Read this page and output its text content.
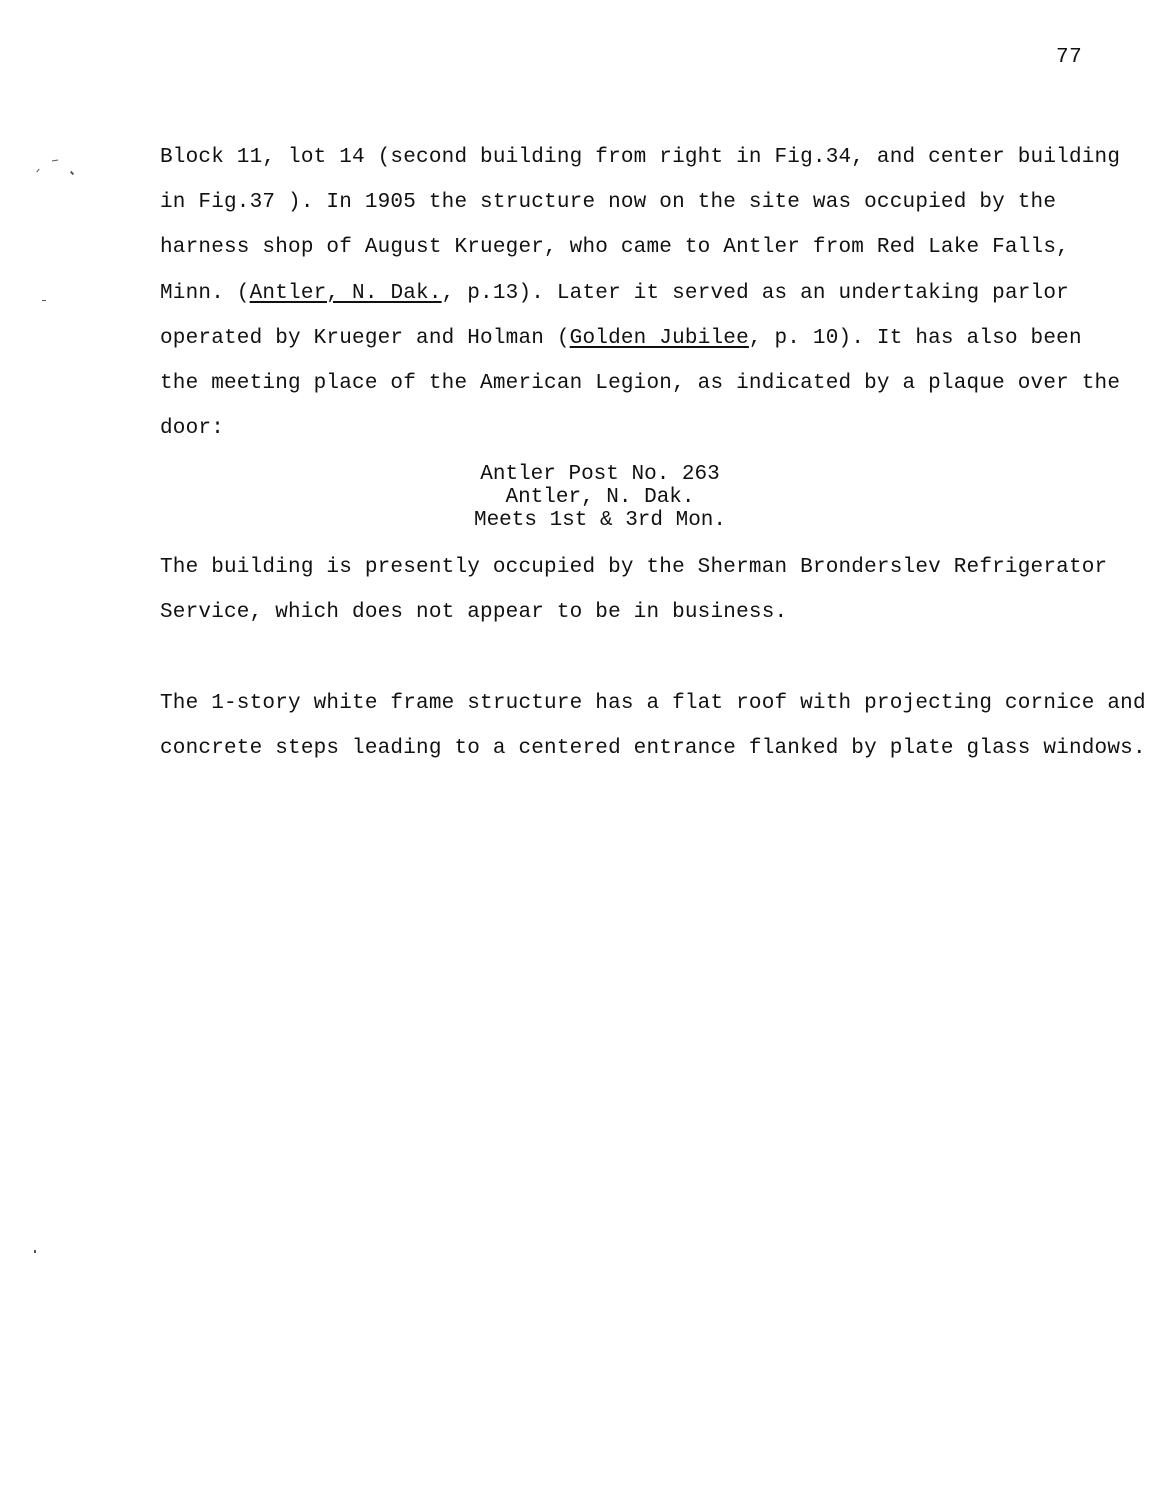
77
Block 11, lot 14 (second building from right in Fig.34, and center building
in Fig.37 ). In 1905 the structure now on the site was occupied by the
harness shop of August Krueger, who came to Antler from Red Lake Falls,
Minn. (Antler, N. Dak., p.13). Later it served as an undertaking parlor
operated by Krueger and Holman (Golden Jubilee, p. 10). It has also been
the meeting place of the American Legion, as indicated by a plaque over the
door:
Antler Post No. 263
Antler, N. Dak.
Meets 1st & 3rd Mon.
The building is presently occupied by the Sherman Bronderslev Refrigerator
Service, which does not appear to be in business.
The 1-story white frame structure has a flat roof with projecting cornice and
concrete steps leading to a centered entrance flanked by plate glass windows.
